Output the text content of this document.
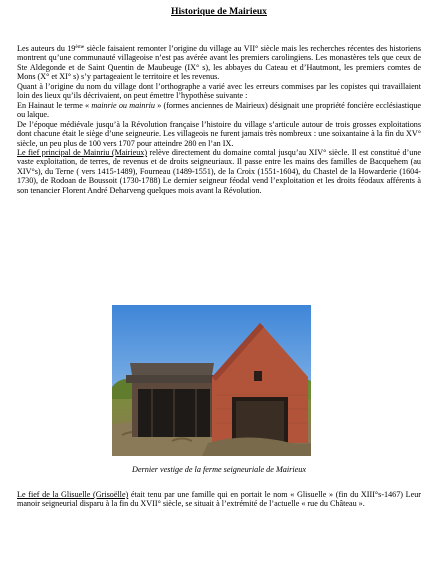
Historique de Mairieux

Les auteurs du 19ème siècle faisaient remonter l’origine du village au VII° siècle mais les recherches récentes des historiens montrent qu’une communauté villageoise n’est pas avérée avant les premiers carolingiens. Les monastères tels que ceux de Ste Aldegonde et de Saint Quentin de Maubeuge (IX° s), les abbayes du Cateau et d’Hautmont, les premiers comtes de Mons (X° et XI° s) s’y partageaient le territoire et les revenus.

Quant à l’origine du nom du village dont l’orthographe a varié avec les erreurs commises par les copistes qui travaillaient loin des lieux qu’ils décrivaient, on peut émettre l’hypothèse suivante :

En Hainaut le terme « mainrie ou mainriu » (formes anciennes de Mairieux) désignait une propriété foncière ecclésiastique ou laïque.

De l’époque médiévale jusqu’à la Révolution française l’histoire du village s’articule autour de trois grosses exploitations dont chacune était le siège d’une seigneurie. Les villageois ne furent jamais très nombreux : une soixantaine à la fin du XV° siècle, un peu plus de 100 vers 1707 pour atteindre 280 en l’an IX.

Le fief principal de Mainriu (Mairieux) relève directement du domaine comtal jusqu’au XIV° siècle. Il est constitué d’une vaste exploitation, de terres, de revenus et de droits seigneuriaux. Il passe entre les mains des familles de Bacquehem (au XIV°s), du Terne ( vers 1415-1489), Fourneau (1489-1551), de la Croix (1551-1604), du Chastel de la Howarderie (1604-1730), de Rodoan de Boussoit (1730-1788) Le dernier seigneur féodal vend l’exploitation et les droits féodaux afférents à son tenancier Florent André Deharveng quelques mois avant la Révolution.

Dernier vestige de la ferme seigneuriale de Mairieux

Le fief de la Glisuelle (Grisoëlle) était tenu par une famille qui en portait le nom « Glisuelle » (fin du XIII°s-1467) Leur manoir seigneurial disparu à la fin du XVII° siècle, se situait à l’extrémité de l’actuelle « rue du Château ».
